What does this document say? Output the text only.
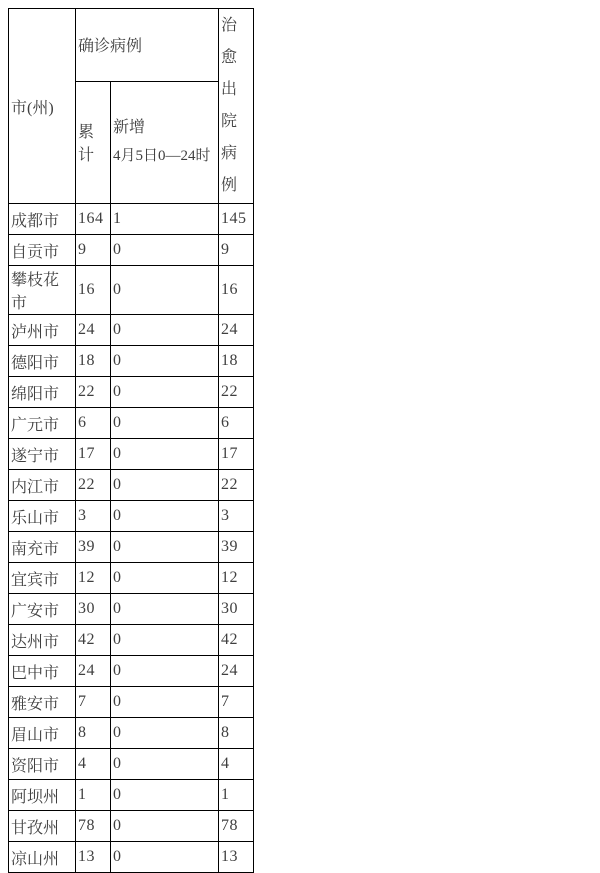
市(州)	确诊病例		治愈
出院
病例

	累计	新增
4月5日0—24时	

成都市	164	1	145
自贡市	9	0	9
攀枝花市	16	0	16
泸州市	24	0	24
德阳市	18	0	18
绵阳市	22	0	22
广元市	6	0	6
遂宁市	17	0	17
内江市	22	0	22
乐山市	3	0	3
南充市	39	0	39
宜宾市	12	0	12
广安市	30	0	30
达州市	42	0	42
巴中市	24	0	24
雅安市	7	0	7
眉山市	8	0	8
资阳市	4	0	4
阿坝州	1	0	1
甘孜州	78	0	78
凉山州	13	0	13
